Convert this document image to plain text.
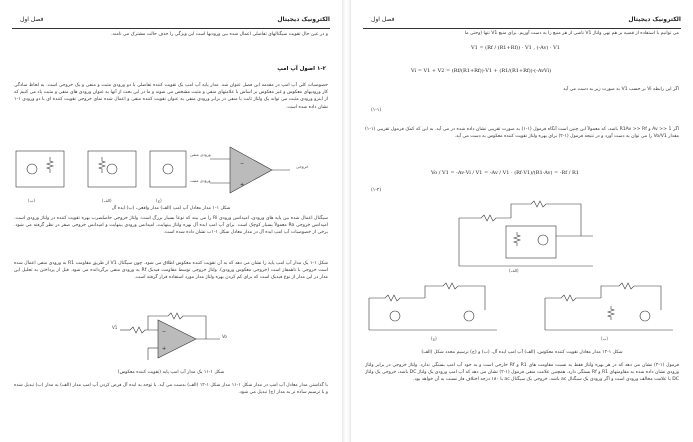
الکترونیک دیجیتال
فصل اول
و در عین حال تقویت سیگنالهای تفاضلی اعمال شده بین ورودیها است این ویژگی را حذف حالت مشترک می نامند.
۱-۲ اصول آپ امپ
خصوصیات کلی آپ امپ در مقدمه این فصل عنوان شد. مدار پایه آپ امپ یک تقویت کننده تفاضلی با دو ورودی مثبت و منفی و یک خروجی است. به لحاظ سادگی کار ورودیهای معکوس و غیر معکوس بر اساس با علامتهای منفی و مثبت مشخص می شوند و ما در این بحث از آنها به عنوان ورودی های منفی و مثبت یاد می کنیم که از اینرو ورودی مثبت می تواند یک ولتاژ ثابت یا منفی در برابر ورودی منفی به عنوان تقویت کننده منفی و اعمال شده نمای خروجی تقویت کننده ای با دو ورودی ۱-۱ نشان داده شده است.
−
+
(ب)	(الف)	(ج)
ورودی منفی
ورودی مثبت
خروجی
شکل ۱-۱ مدار معادل آپ امپ (الف) مدار واقعی، (ب) ایده آل
سیگنال اعمال شده بین پایه های ورودی، امپدانس ورودی Ri را می بیند که نوعاً بسیار بزرگ است. ولتاژ خروجی حاصلضرب بهره تقویت کننده در ولتاژ ورودی است. امپدانس خروجی Ro معمولاً بسیار کوچک است. برای آپ امپ ایده آل بهره ولتاژ بینهایت، امپدانس ورودی بینهایت و امپدانس خروجی صفر در نظر گرفته می شود. برخی از خصوصیات آپ امپ ایده آل در مدار معادل شکل ۱-۱ب نشان داده شده است.
شکل ۱-۱ یک مدار آپ امپ پایه را نشان می دهد که به آن تقویت کننده معکوس اطلاق می شود. چون سیگنال V1 از طریق مقاومت R1 به ورودی منفی اعمال شده است خروجی با ناهمفاز است (خروجی معکوس ورودی). ولتاژ خروجی توسط مقاومت فیدبک Rf به ورودی منفی برگردانده می شود. قبل از پرداختن به تحلیل این مدار در این مدار از نوع فیدبک است که برای کم کردن بهره ولتاژ مدار مورد استفاده قرار گرفته است.
−
+
V1
Vo
شکل ۱-۱۱ یک مدار آپ امپ پایه (تقویت کننده معکوس)
با گذاشتن مدار معادل آپ امپ در مدار شکل ۱-۱۱ مدار شکل ۱-۱۲ (الف) بدست می آید. با توجه به ایده آل فرض کردن آپ امپ مدار (الف) به مدار (ب) تبدیل شده و با ترسیم ساده تر به مدار (ج) تبدیل می شود.
الکترونیک دیجیتال
فصل اول
می توانیم با استفاده از قضیه بر هم نهی ولتاژ V1 ناشی از هر منبع را به دست آوریم. برای منبع V1 تنها (وحتی ما
V1 = (Rf / (R1+Rf)) · V1 , (-Av) · V1
Vi = V1 + V2 = (Rf/(R1+Rf))·V1 + (R1/(R1+Rf))·(-AvVi)
اگر این رابطه Vi بر حسب V1 به صورت زیر به دست می آید
(۱-۱)
اگر Av >> 1 و R1Av >> Rf باشد، که معمولاً این چنین است آنگاه فرمول (۱-۱) به صورت تقریبی نشان داده شده در می آید. به این که کمک فرمول تقریبی (۱-۱) مقدار Vo/V1 را می توان به دست آورد و در نتیجه فرمول (۱-۲) برای بهره ولتاژ تقویت کننده معکوس به دست می آید.
Vo / V1 = -Av·Vi / V1 = -Av / V1 · (Rf·V1)/(R1·Av) = -Rf / R1
(۱-۲)
(الف)
(ب)
(ج)
شکل ۱-۱۲ مدار معادل تقویت کننده معکوس، (الف) آپ امپ ایده آل، (ب) و (ج) ترسیم مجدد شکل (الف)
فرمول (۱-۲) نشان می دهد که در هر بهره ولتاژ فقط به نسبت مقاومت های R1 و Rf خارجی است و به خود آپ امپ بستگی ندارد. ولتاژ خروجی در برابر ولتاژ ورودی نشان داده شده به مقاومتهای R1 و Rf بستگی دارد. همچنین علامت منفی فرمول (۱-۲) نشان می دهد که آپ امپ ورودی یک ولتاژ DC باشد، خروجی یک ولتاژ DC با علامت مخالف ورودی است و اگر ورودی یک سیگنال ac باشد، خروجی یک سیگنال ac با ۱۸۰ درجه اختلاف فاز نسبت به آن خواهد بود.
